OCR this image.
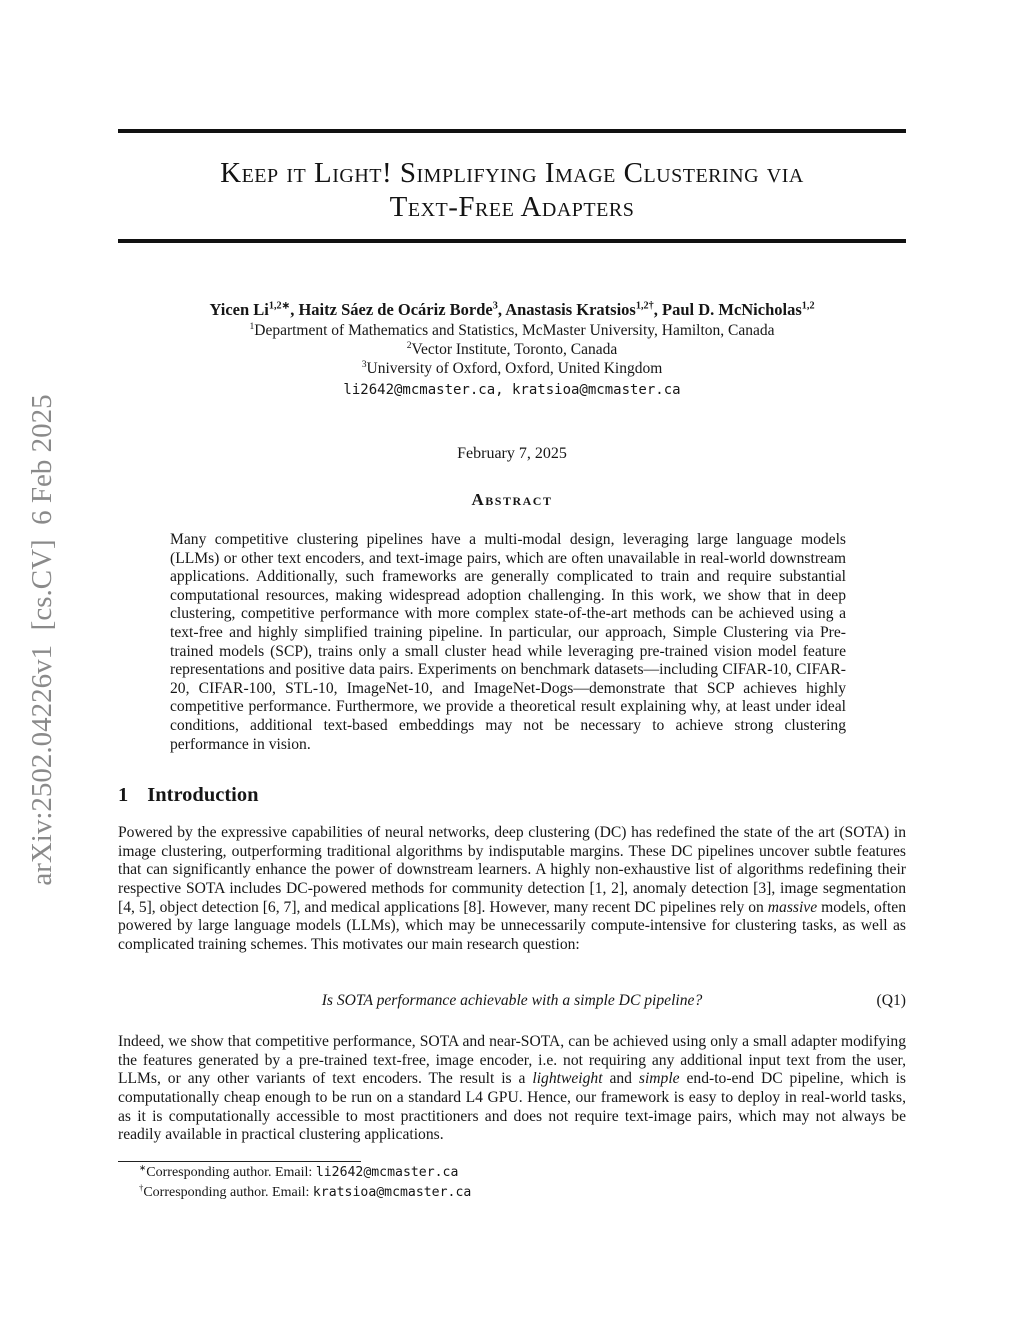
arXiv:2502.04226v1  [cs.CV]  6 Feb 2025
Keep it Light! Simplifying Image Clustering via
Text-Free Adapters
Yicen $Li^{1,2∗}$, Haitz Sáez de Ocáriz Borde$^3$, Anastasis Kratsios$^{1,2\dagger}$, Paul D. McNicholas$^{1,2}$
$^1$Department of Mathematics and Statistics, McMaster University, Hamilton, Canada
$^2$Vector Institute, Toronto, Canada
$^3$University of Oxford, Oxford, United Kingdom
li2642@mcmaster.ca, kratsioa@mcmaster.ca
February 7, 2025
Abstract
Many competitive clustering pipelines have a multi-modal design, leveraging large language models (LLMs) or other text encoders, and text-image pairs, which are often unavailable in real-world downstream applications. Additionally, such frameworks are generally complicated to train and require substantial computational resources, making widespread adoption challenging. In this work, we show that in deep clustering, competitive performance with more complex state-of-the-art methods can be achieved using a text-free and highly simplified training pipeline. In particular, our approach, Simple Clustering via Pre-trained models (SCP), trains only a small cluster head while leveraging pre-trained vision model feature representations and positive data pairs. Experiments on benchmark datasets—including CIFAR-10, CIFAR-20, CIFAR-100, STL-10, ImageNet-10, and ImageNet-Dogs—demonstrate that SCP achieves highly competitive performance. Furthermore, we provide a theoretical result explaining why, at least under ideal conditions, additional text-based embeddings may not be necessary to achieve strong clustering performance in vision.
1 Introduction
Powered by the expressive capabilities of neural networks, deep clustering (DC) has redefined the state of the art (SOTA) in image clustering, outperforming traditional algorithms by indisputable margins. These DC pipelines uncover subtle features that can significantly enhance the power of downstream learners. A highly non-exhaustive list of algorithms redefining their respective SOTA includes DC-powered methods for community detection [1, 2], anomaly detection [3], image segmentation [4, 5], object detection [6, 7], and medical applications [8]. However, many recent DC pipelines rely on massive models, often powered by large language models (LLMs), which may be unnecessarily compute-intensive for clustering tasks, as well as complicated training schemes. This motivates our main research question:
Is SOTA performance achievable with a simple DC pipeline?	(Q1)
Indeed, we show that competitive performance, SOTA and near-SOTA, can be achieved using only a small adapter modifying the features generated by a pre-trained text-free, image encoder, i.e. not requiring any additional input text from the user, LLMs, or any other variants of text encoders. The result is a lightweight and simple end-to-end DC pipeline, which is computationally cheap enough to be run on a standard L4 GPU. Hence, our framework is easy to deploy in real-world tasks, as it is computationally accessible to most practitioners and does not require text-image pairs, which may not always be readily available in practical clustering applications.
∗Corresponding author. Email: li2642@mcmaster.ca
†Corresponding author. Email: kratsioa@mcmaster.ca
